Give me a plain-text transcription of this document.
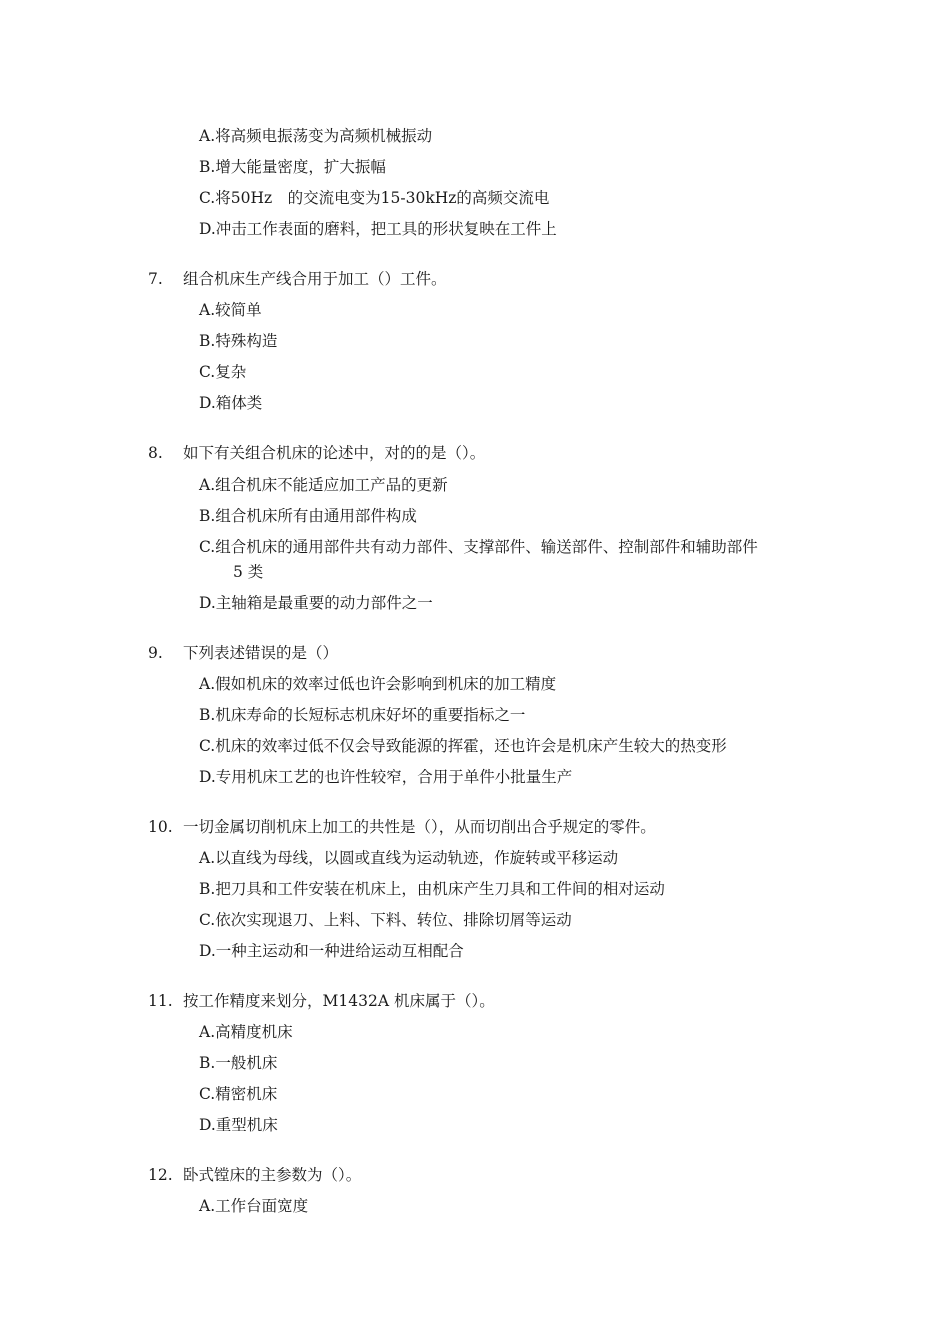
A.将高频电振荡变为高频机械振动
B.增大能量密度，扩大振幅
C.将50Hz　的交流电变为15-30kHz的高频交流电
D.冲击工作表面的磨料，把工具的形状复映在工件上
7. 组合机床生产线合用于加工（）工件。
A.较简单
B.特殊构造
C.复杂
D.箱体类
8. 如下有关组合机床的论述中，对的的是（）。
A.组合机床不能适应加工产品的更新
B.组合机床所有由通用部件构成
C.组合机床的通用部件共有动力部件、支撑部件、输送部件、控制部件和辅助部件
5 类
D.主轴箱是最重要的动力部件之一
9. 下列表述错误的是（）
A.假如机床的效率过低也许会影响到机床的加工精度
B.机床寿命的长短标志机床好坏的重要指标之一
C.机床的效率过低不仅会导致能源的挥霍，还也许会是机床产生较大的热变形
D.专用机床工艺的也许性较窄，合用于单件小批量生产
10. 一切金属切削机床上加工的共性是（），从而切削出合乎规定的零件。
A.以直线为母线，以圆或直线为运动轨迹，作旋转或平移运动
B.把刀具和工件安装在机床上，由机床产生刀具和工件间的相对运动
C.依次实现退刀、上料、下料、转位、排除切屑等运动
D.一种主运动和一种进给运动互相配合
11. 按工作精度来划分，M1432A 机床属于（）。
A.高精度机床
B.一般机床
C.精密机床
D.重型机床
12. 卧式镗床的主参数为（）。
A.工作台面宽度
